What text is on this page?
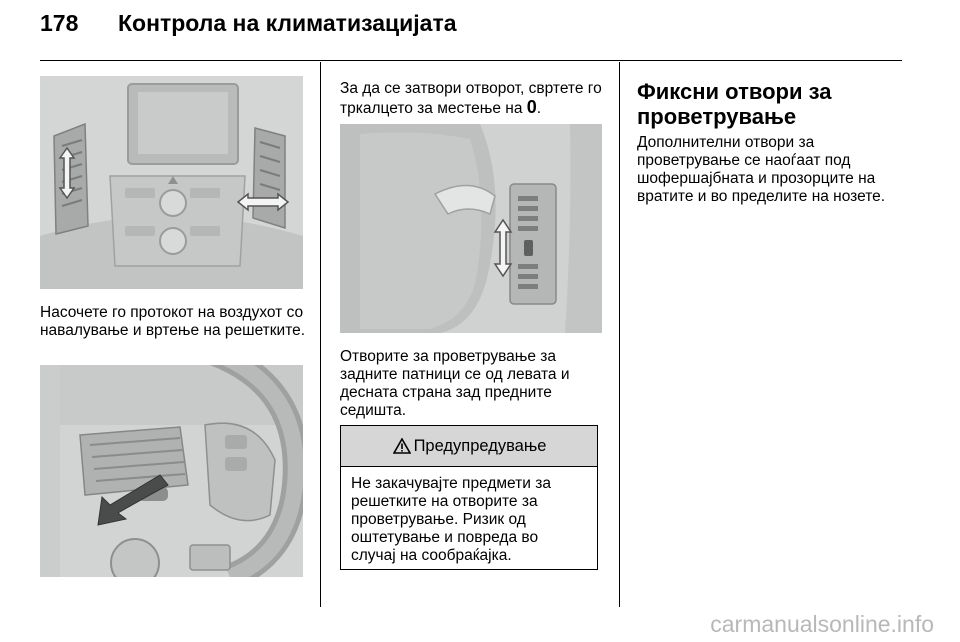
178 Контрола на климатизацијата

Насочете го протокот на воздухот со навалување и вртење на решетките.

За да се затвори отворот, свртете го тркалцето за местење на 0.

Отворите за проветрување за задните патници се од левата и десната страна зад предните седишта.

Предупредување
Не закачувајте предмети за решетките на отворите за проветрување. Ризик од оштетување и повреда во случај на сообраќајка.
Фиксни отвори за проветрување

Дополнителни отвори за проветрување се наоѓаат под шофершајбната и прозорците на вратите и во пределите на нозете.

carmanualsonline.info
